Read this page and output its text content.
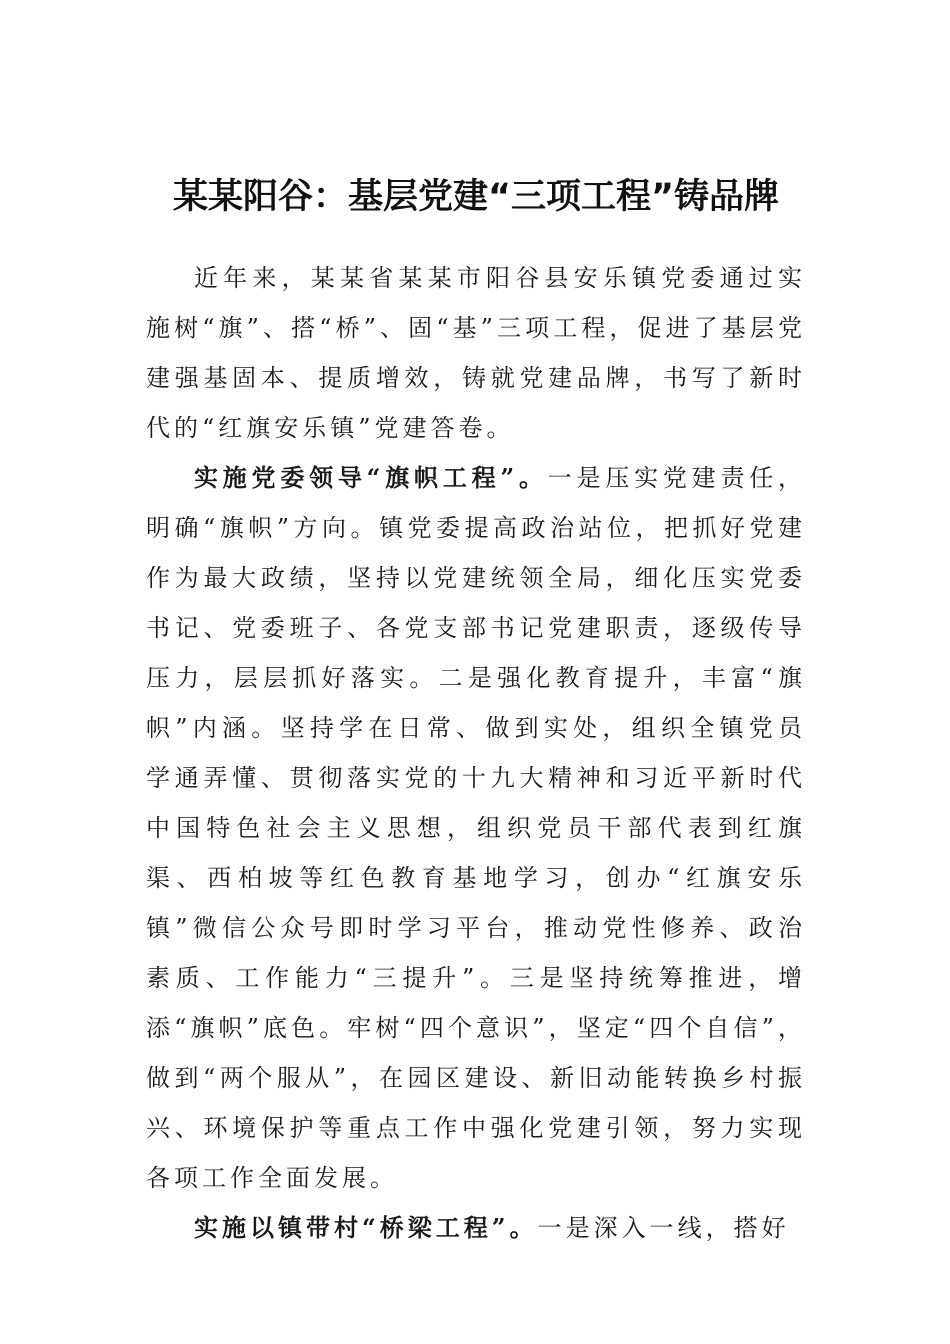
某某阳谷：基层党建“三项工程”铸品牌

近年来，某某省某某市阳谷县安乐镇党委通过实施树“旗”、搭“桥”、固“基”三项工程，促进了基层党建强基固本、提质增效，铸就党建品牌，书写了新时代的“红旗安乐镇”党建答卷。

实施党委领导“旗帜工程”。一是压实党建责任，明确“旗帜”方向。镇党委提高政治站位，把抓好党建作为最大政绩，坚持以党建统领全局，细化压实党委书记、党委班子、各党支部书记党建职责，逐级传导压力，层层抓好落实。二是强化教育提升，丰富“旗帜”内涵。坚持学在日常、做到实处，组织全镇党员学通弄懂、贯彻落实党的十九大精神和习近平新时代中国特色社会主义思想，组织党员干部代表到红旗渠、西柏坡等红色教育基地学习，创办“红旗安乐镇”微信公众号即时学习平台，推动党性修养、政治素质、工作能力“三提升”。三是坚持统筹推进，增添“旗帜”底色。牢树“四个意识”，坚定“四个自信”，做到“两个服从”，在园区建设、新旧动能转换乡村振兴、环境保护等重点工作中强化党建引领，努力实现各项工作全面发展。

实施以镇带村“桥梁工程”。一是深入一线，搭好
